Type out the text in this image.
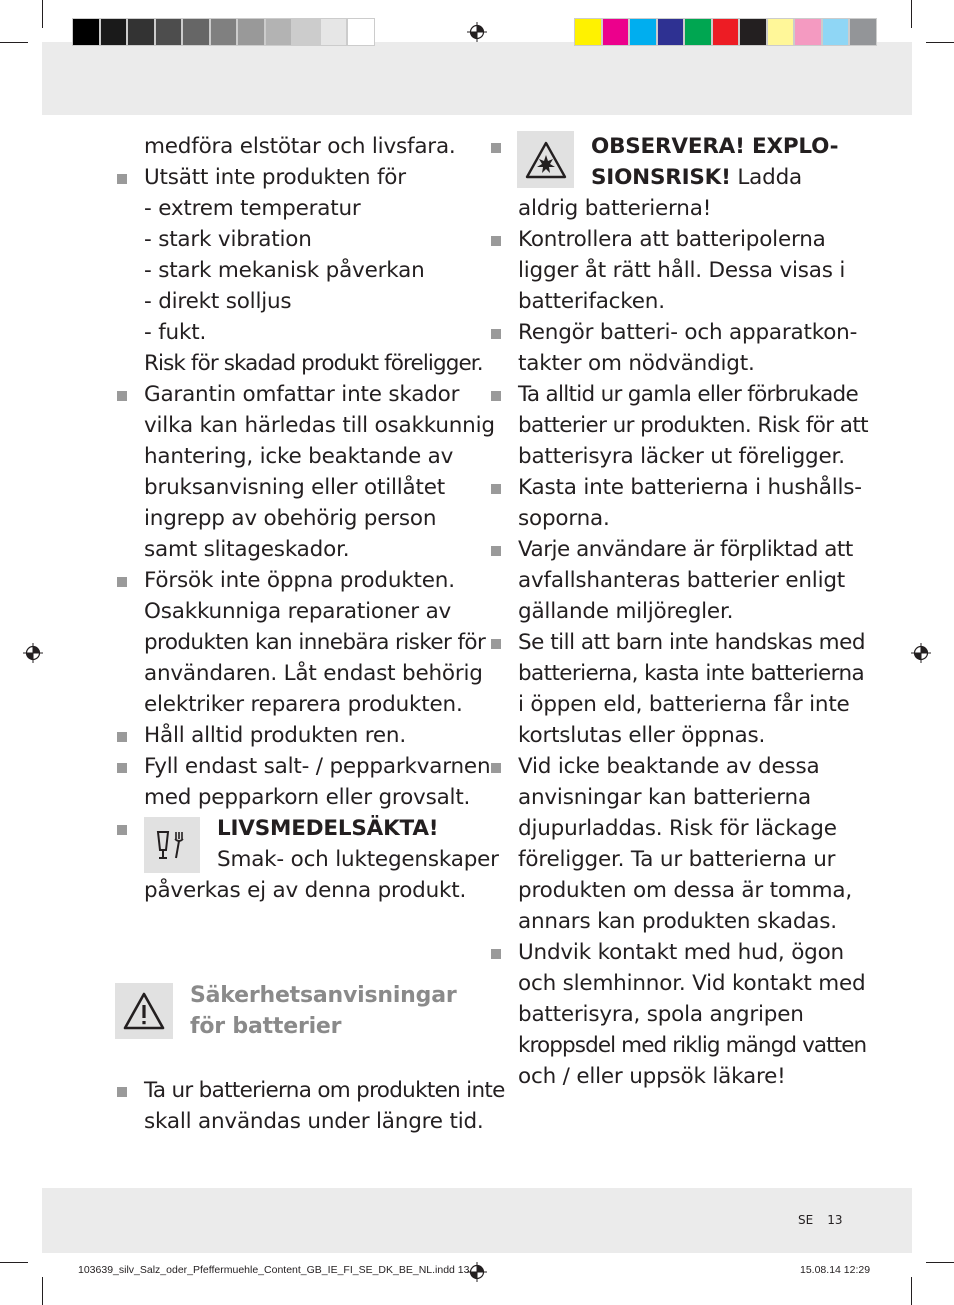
medföra elstötar och livsfara.
Utsätt inte produkten för
- extrem temperatur
- stark vibration
- stark mekanisk påverkan
- direkt solljus
- fukt.
Risk för skadad produkt föreligger.
Garantin omfattar inte skador
vilka kan härledas till osakkunnig
hantering, icke beaktande av
bruksanvisning eller otillåtet
ingrepp av obehörig person
samt slitageskador.
Försök inte öppna produkten.
Osakkunniga reparationer av
produkten kan innebära risker för
användaren. Låt endast behörig
elektriker reparera produkten.
Håll alltid produkten ren.
Fyll endast salt- / pepparkvarnen
med pepparkorn eller grovsalt.
LIVSMEDELSÄKTA!
Smak- och luktegenskaper
påverkas ej av denna produkt.
Säkerhetsanvisningar
för batterier
Ta ur batterierna om produkten inte
skall användas under längre tid.
OBSERVERA! EXPLO-
SIONSRISK! Ladda
aldrig batterierna!
Kontrollera att batteripolerna
ligger åt rätt håll. Dessa visas i
batterifacken.
Rengör batteri- och apparatkon-
takter om nödvändigt.
Ta alltid ur gamla eller förbrukade
batterier ur produkten. Risk för att
batterisyra läcker ut föreligger.
Kasta inte batterierna i hushålls-
soporna.
Varje användare är förpliktad att
avfallshanteras batterier enligt
gällande miljöregler.
Se till att barn inte handskas med
batterierna, kasta inte batterierna
i öppen eld, batterierna får inte
kortslutas eller öppnas.
Vid icke beaktande av dessa
anvisningar kan batterierna
djupurladdas. Risk för läckage
föreligger. Ta ur batterierna ur
produkten om dessa är tomma,
annars kan produkten skadas.
Undvik kontakt med hud, ögon
och slemhinnor. Vid kontakt med
batterisyra, spola angripen
kroppsdel med riklig mängd vatten
och / eller uppsök läkare!
SE 13
103639_silv_Salz_oder_Pfeffermuehle_Content_GB_IE_FI_SE_DK_BE_NL.indd 13	15.08.14 12:29
